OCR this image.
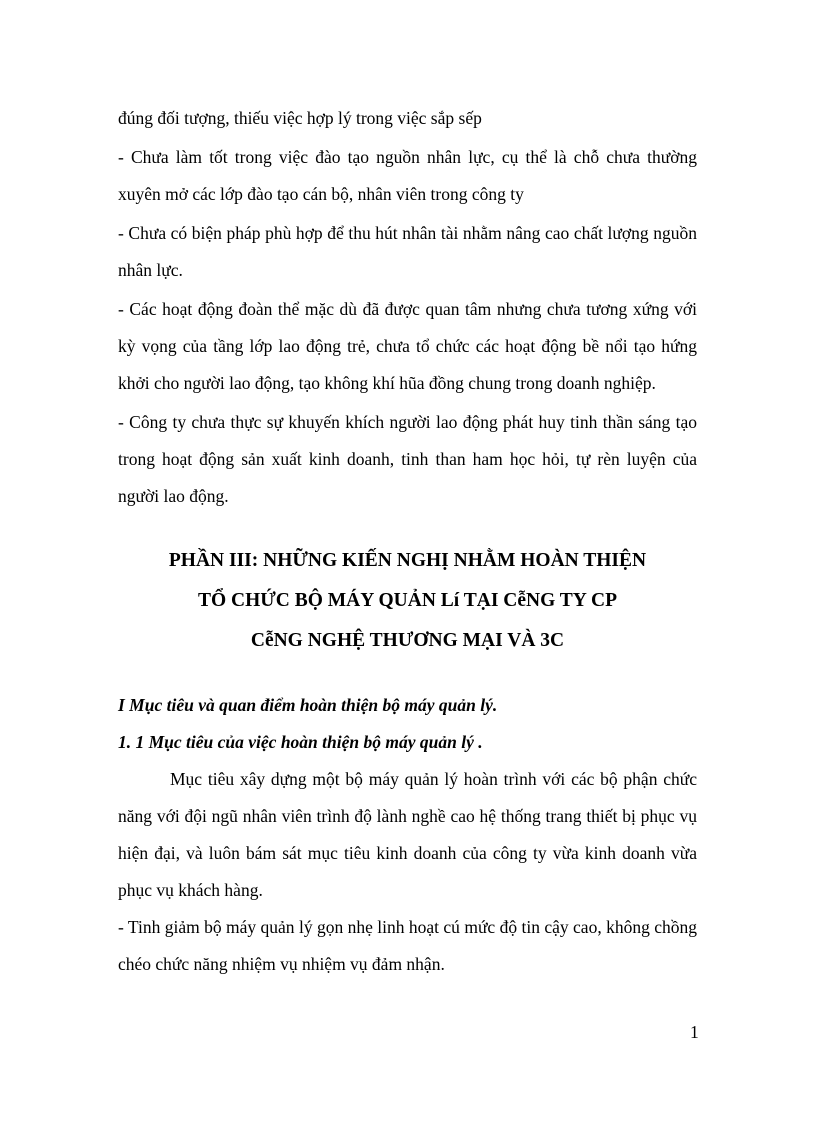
đúng đối tượng, thiếu việc hợp lý trong việc sắp sếp

- Chưa làm tốt trong việc đào tạo nguồn nhân lực, cụ thể là chỗ chưa thường xuyên mở các lớp đào tạo cán bộ, nhân viên trong công ty

- Chưa có biện pháp phù hợp để thu hút nhân tài nhằm nâng cao chất lượng nguồn nhân lực.

- Các hoạt động đoàn thể mặc dù đã được quan tâm nhưng chưa tương xứng với kỳ vọng của tầng lớp lao động trẻ, chưa tổ chức các hoạt động bề nổi tạo hứng khởi cho người lao động, tạo không khí hũa đồng chung trong doanh nghiệp.

- Công ty chưa thực sự khuyến khích người lao động phát huy tinh thần sáng tạo trong hoạt động sản xuất kinh doanh, tinh than ham học hỏi, tự rèn luyện của người lao động.

PHẦN III: NHỮNG KIẾN NGHỊ NHẰM HOÀN THIỆN

TỔ CHỨC BỘ MÁY QUẢN Lí TẠI CễNG TY CP

CễNG NGHỆ THƯƠNG MẠI VÀ 3C

I Mục tiêu và quan điểm hoàn thiện bộ máy quản lý.

1. 1 Mục tiêu của việc hoàn thiện bộ máy quản lý .

Mục tiêu xây dựng một bộ máy quản lý hoàn trình với các bộ phận chức năng với đội ngũ nhân viên trình độ lành nghề cao hệ thống trang thiết bị phục vụ hiện đại, và luôn bám sát mục tiêu kinh doanh của công ty vừa kinh doanh vừa phục vụ khách hàng.

- Tinh giảm bộ máy quản lý gọn nhẹ linh hoạt cú mức độ tin cậy cao, không chồng chéo chức năng nhiệm vụ nhiệm vụ đảm nhận.

1
